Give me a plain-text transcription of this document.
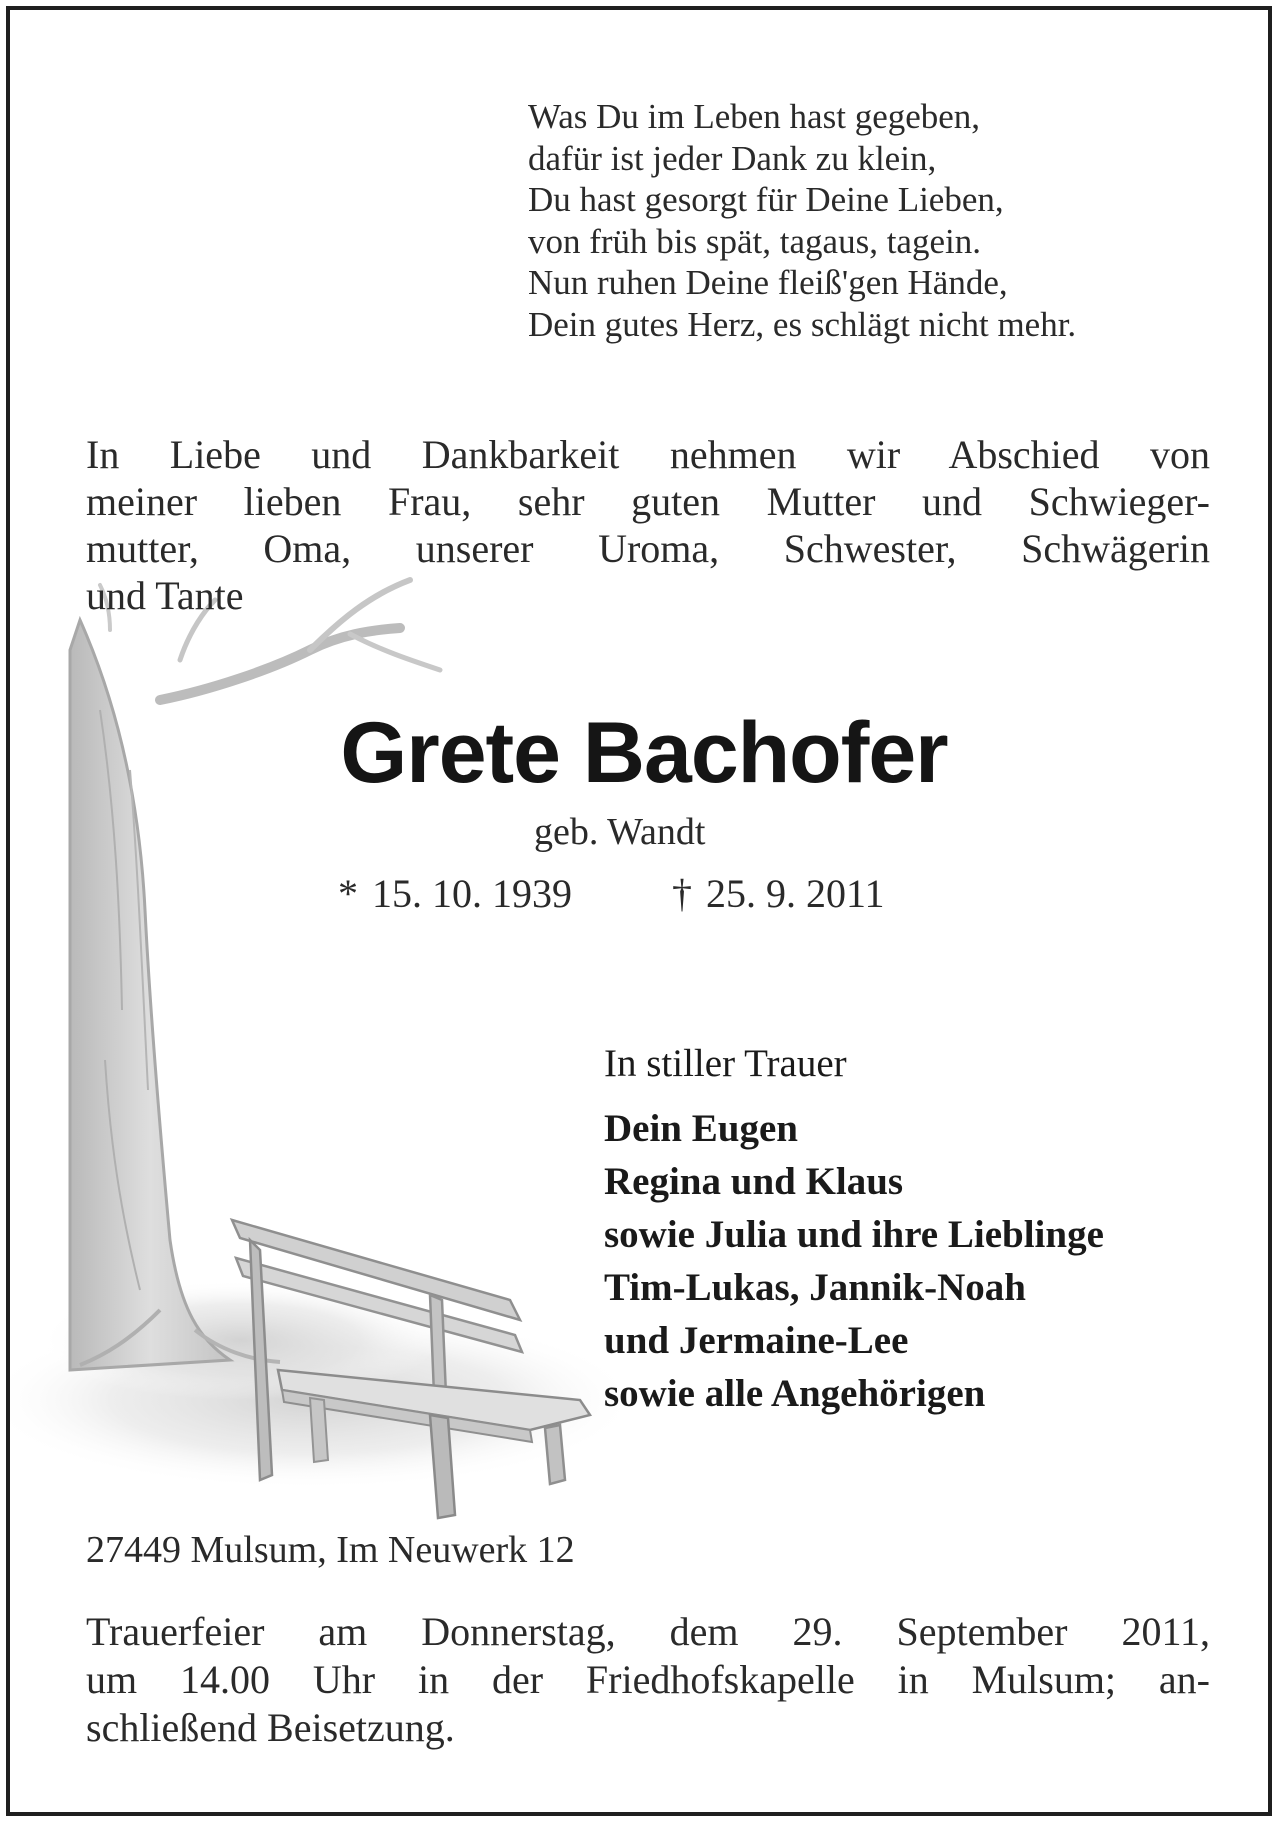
Was Du im Leben hast gegeben,
dafür ist jeder Dank zu klein,
Du hast gesorgt für Deine Lieben,
von früh bis spät, tagaus, tagein.
Nun ruhen Deine fleiß'gen Hände,
Dein gutes Herz, es schlägt nicht mehr.
In Liebe und Dankbarkeit nehmen wir Abschied von
meiner lieben Frau, sehr guten Mutter und Schwieger-
mutter, Oma, unserer Uroma, Schwester, Schwägerin
und Tante
Grete Bachofer
geb. Wandt
* 15. 10. 1939	† 25. 9. 2011
In stiller Trauer
Dein Eugen
Regina und Klaus
sowie Julia und ihre Lieblinge
Tim-Lukas, Jannik-Noah
und Jermaine-Lee
sowie alle Angehörigen
27449 Mulsum, Im Neuwerk 12
Trauerfeier am Donnerstag, dem 29. September 2011,
um 14.00 Uhr in der Friedhofskapelle in Mulsum; an-
schließend Beisetzung.
